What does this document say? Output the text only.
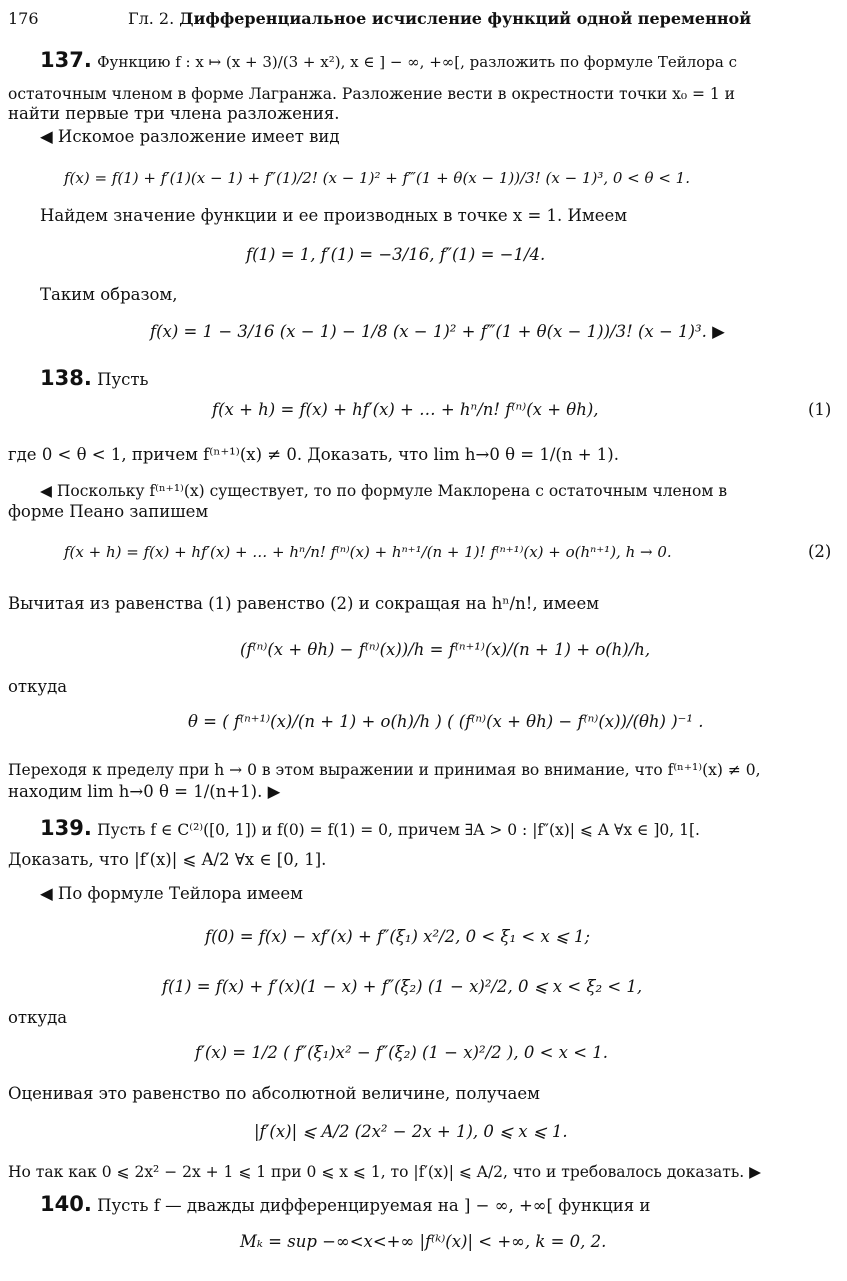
176	Гл. 2. Дифференциальное исчисление функций одной переменной
137. Функцию f : x ↦ (x + 3)/(3 + x²), x ∈ ] − ∞, +∞[, разложить по формуле Тейлора с
остаточным членом в форме Лагранжа. Разложение вести в окрестности точки x₀ = 1 и
найти первые три члена разложения.
◀ Искомое разложение имеет вид
f(x) = f(1) + f′(1)(x − 1) + f″(1)/2! (x − 1)² + f‴(1 + θ(x − 1))/3! (x − 1)³, 0 < θ < 1.
Найдем значение функции и ее производных в точке x = 1. Имеем
f(1) = 1, f′(1) = −3/16, f″(1) = −1/4.
Таким образом,
f(x) = 1 − 3/16 (x − 1) − 1/8 (x − 1)² + f‴(1 + θ(x − 1))/3! (x − 1)³. ▶
138. Пусть
f(x + h) = f(x) + hf′(x) + … + hⁿ/n! f⁽ⁿ⁾(x + θh),	(1)
где 0 < θ < 1, причем f⁽ⁿ⁺¹⁾(x) ≠ 0. Доказать, что lim h→0 θ = 1/(n + 1).
◀ Поскольку f⁽ⁿ⁺¹⁾(x) существует, то по формуле Маклорена с остаточным членом в
форме Пеано запишем
f(x + h) = f(x) + hf′(x) + … + hⁿ/n! f⁽ⁿ⁾(x) + hⁿ⁺¹/(n + 1)! f⁽ⁿ⁺¹⁾(x) + o(hⁿ⁺¹), h → 0.	(2)
Вычитая из равенства (1) равенство (2) и сокращая на hⁿ/n!, имеем
(f⁽ⁿ⁾(x + θh) − f⁽ⁿ⁾(x))/h = f⁽ⁿ⁺¹⁾(x)/(n + 1) + o(h)/h,
откуда
θ = ( f⁽ⁿ⁺¹⁾(x)/(n + 1) + o(h)/h ) ( (f⁽ⁿ⁾(x + θh) − f⁽ⁿ⁾(x))/(θh) )⁻¹ .
Переходя к пределу при h → 0 в этом выражении и принимая во внимание, что f⁽ⁿ⁺¹⁾(x) ≠ 0,
находим lim h→0 θ = 1/(n+1). ▶
139. Пусть f ∈ C⁽²⁾([0, 1]) и f(0) = f(1) = 0, причем ∃A > 0 : |f″(x)| ⩽ A ∀x ∈ ]0, 1[.
Доказать, что |f′(x)| ⩽ A/2 ∀x ∈ [0, 1].
◀ По формуле Тейлора имеем
f(0) = f(x) − xf′(x) + f″(ξ₁) x²/2, 0 < ξ₁ < x ⩽ 1;
f(1) = f(x) + f′(x)(1 − x) + f″(ξ₂) (1 − x)²/2, 0 ⩽ x < ξ₂ < 1,
откуда
f′(x) = 1/2 ( f″(ξ₁)x² − f″(ξ₂) (1 − x)²/2 ), 0 < x < 1.
Оценивая это равенство по абсолютной величине, получаем
|f′(x)| ⩽ A/2 (2x² − 2x + 1), 0 ⩽ x ⩽ 1.
Но так как 0 ⩽ 2x² − 2x + 1 ⩽ 1 при 0 ⩽ x ⩽ 1, то |f′(x)| ⩽ A/2, что и требовалось доказать. ▶
140. Пусть f — дважды дифференцируемая на ] − ∞, +∞[ функция и
Mₖ = sup −∞<x<+∞ |f⁽ᵏ⁾(x)| < +∞, k = 0, 2.
